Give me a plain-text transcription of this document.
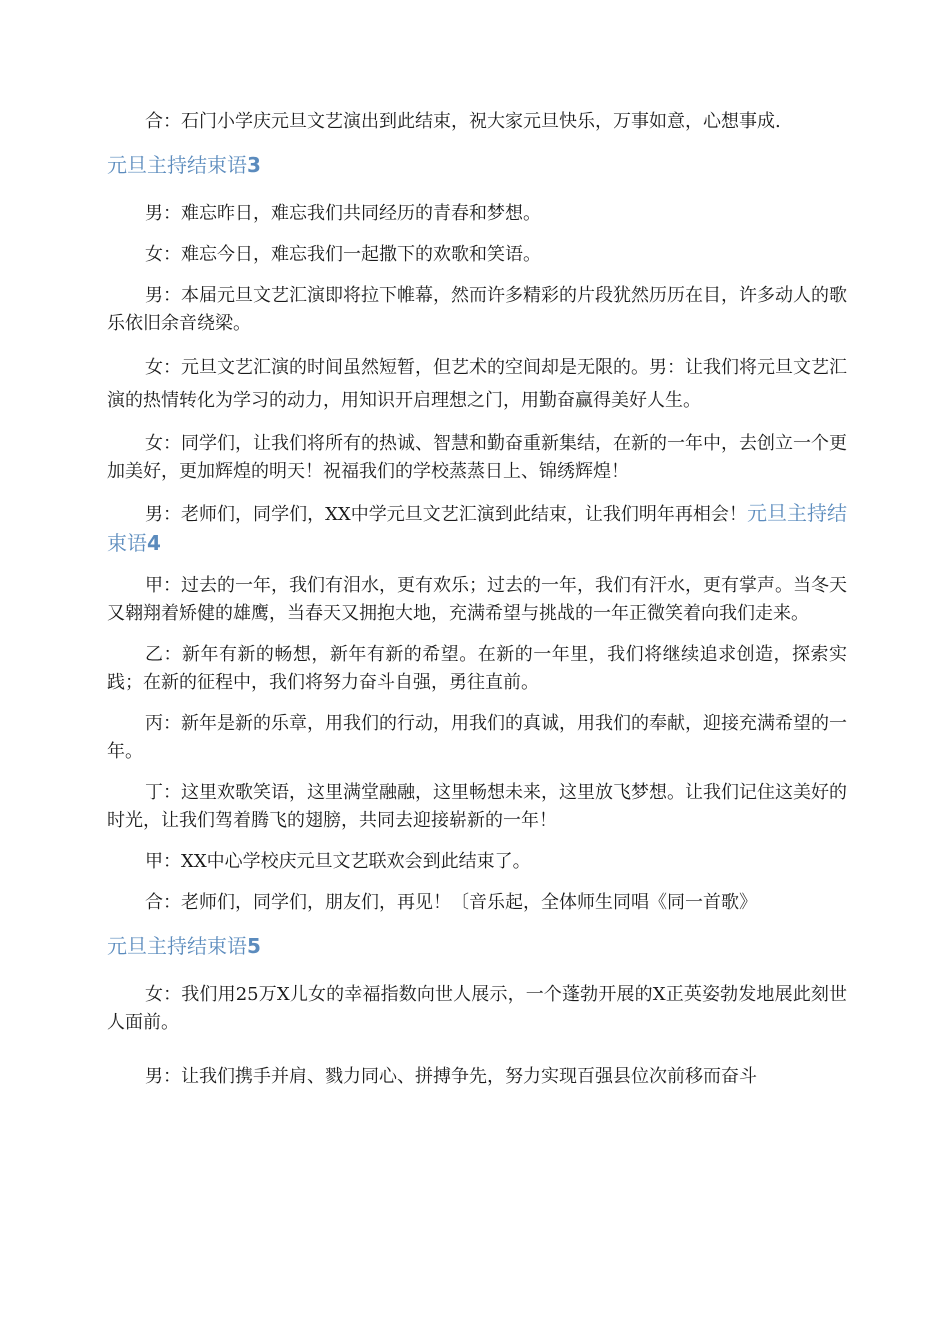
合：石门小学庆元旦文艺演出到此结束，祝大家元旦快乐，万事如意，心想事成.

元旦主持结束语3

男：难忘昨日，难忘我们共同经历的青春和梦想。

女：难忘今日，难忘我们一起撒下的欢歌和笑语。

男：本届元旦文艺汇演即将拉下帷幕，然而许多精彩的片段犹然历历在目，许多动人的歌乐依旧余音绕梁。

女：元旦文艺汇演的时间虽然短暂，但艺术的空间却是无限的。男：让我们将元旦文艺汇演的热情转化为学习的动力，用知识开启理想之门，用勤奋赢得美好人生。

女：同学们，让我们将所有的热诚、智慧和勤奋重新集结，在新的一年中，去创立一个更加美好，更加辉煌的明天！祝福我们的学校蒸蒸日上、锦绣辉煌！

男：老师们，同学们，XX中学元旦文艺汇演到此结束，让我们明年再相会！元旦主持结束语4

甲：过去的一年，我们有泪水，更有欢乐；过去的一年，我们有汗水，更有掌声。当冬天又翱翔着矫健的雄鹰，当春天又拥抱大地，充满希望与挑战的一年正微笑着向我们走来。

乙：新年有新的畅想，新年有新的希望。在新的一年里，我们将继续追求创造，探索实践；在新的征程中，我们将努力奋斗自强，勇往直前。

丙：新年是新的乐章，用我们的行动，用我们的真诚，用我们的奉献，迎接充满希望的一年。

丁：这里欢歌笑语，这里满堂融融，这里畅想未来，这里放飞梦想。让我们记住这美好的时光，让我们驾着腾飞的翅膀，共同去迎接崭新的一年！

甲：XX中心学校庆元旦文艺联欢会到此结束了。

合：老师们，同学们，朋友们，再见！〔音乐起，全体师生同唱《同一首歌》

元旦主持结束语5

女：我们用25万X儿女的幸福指数向世人展示，一个蓬勃开展的X正英姿勃发地展此刻世人面前。

男：让我们携手并肩、戮力同心、拼搏争先，努力实现百强县位次前移而奋斗
